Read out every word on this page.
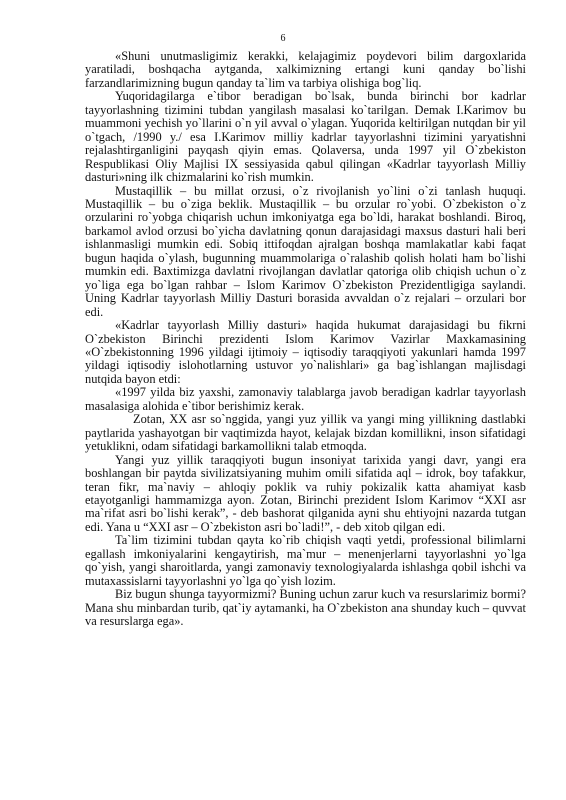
6

«Shuni unutmasligimiz kerakki, kelajagimiz poydevori bilim dargoxlarida yaratiladi, boshqacha aytganda, xalkimizning ertangi kuni qanday bo`lishi farzandlarimizning bugun qanday ta`lim va tarbiya olishiga bog`liq.

Yuqoridagilarga e`tibor beradigan bo`lsak, bunda birinchi bor kadrlar tayyorlashning tizimini tubdan yangilash masalasi ko`tarilgan. Demak I.Karimov bu muammoni yechish yo`llarini o`n yil avval o`ylagan. Yuqorida keltirilgan nutqdan bir yil o`tgach, /1990 y./ esa I.Karimov milliy kadrlar tayyorlashni tizimini yaryatishni rejalashtirganligini payqash qiyin emas. Qolaversa, unda 1997 yil O`zbekiston Respublikasi Oliy Majlisi IX sessiyasida qabul qilingan «Kadrlar tayyorlash Milliy dasturi»ning ilk chizmalarini ko`rish mumkin.

Mustaqillik – bu millat orzusi, o`z rivojlanish yo`lini o`zi tanlash huquqi. Mustaqillik – bu o`ziga beklik. Mustaqillik – bu orzular ro`yobi. O`zbekiston o`z orzularini ro`yobga chiqarish uchun imkoniyatga ega bo`ldi, harakat boshlandi. Biroq, barkamol avlod orzusi bo`yicha davlatning qonun darajasidagi maxsus dasturi hali beri ishlanmasligi mumkin edi. Sobiq ittifoqdan ajralgan boshqa mamlakatlar kabi faqat bugun haqida o`ylash, bugunning muammolariga o`ralashib qolish holati ham bo`lishi mumkin edi. Baxtimizga davlatni rivojlangan davlatlar qatoriga olib chiqish uchun o`z yo`liga ega bo`lgan rahbar – Islom Karimov O`zbekiston Prezidentligiga saylandi. Uning Kadrlar tayyorlash Milliy Dasturi borasida avvaldan o`z rejalari – orzulari bor edi.

«Kadrlar tayyorlash Milliy dasturi» haqida hukumat darajasidagi bu fikrni O`zbekiston Birinchi prezidenti Islom Karimov Vazirlar Maxkamasining «O`zbekistonning 1996 yildagi ijtimoiy – iqtisodiy taraqqiyoti yakunlari hamda 1997 yildagi iqtisodiy islohotlarning ustuvor yo`nalishlari» ga bag`ishlangan majlisdagi nutqida bayon etdi:

«1997 yilda biz yaxshi, zamonaviy talablarga javob beradigan kadrlar tayyorlash masalasiga alohida e`tibor berishimiz kerak.

Zotan, XX asr so`nggida, yangi yuz yillik va yangi ming yillikning dastlabki paytlarida yashayotgan bir vaqtimizda hayot, kelajak bizdan komillikni, inson sifatidagi yetuklikni, odam sifatidagi barkamollikni talab etmoqda.

Yangi yuz yillik taraqqiyoti bugun insoniyat tarixida yangi davr, yangi era boshlangan bir paytda sivilizatsiyaning muhim omili sifatida aql – idrok, boy tafakkur, teran fikr, ma`naviy – ahloqiy poklik va ruhiy pokizalik katta ahamiyat kasb etayotganligi hammamizga ayon. Zotan, Birinchi prezident Islom Karimov “XXI asr ma`rifat asri bo`lishi kerak”, - deb bashorat qilganida ayni shu ehtiyojni nazarda tutgan edi. Yana u “XXI asr – O`zbekiston asri bo`ladi!”, - deb xitob qilgan edi.

Ta`lim tizimini tubdan qayta ko`rib chiqish vaqti yetdi, professional bilimlarni egallash imkoniyalarini kengaytirish, ma`mur – menenjerlarni tayyorlashni yo`lga qo`yish, yangi sharoitlarda, yangi zamonaviy texnologiyalarda ishlashga qobil ishchi va mutaxassislarni tayyorlashni yo`lga qo`yish lozim.

Biz bugun shunga tayyormizmi? Buning uchun zarur kuch va resurslarimiz bormi? Mana shu minbardan turib, qat`iy aytamanki, ha O`zbekiston ana shunday kuch – quvvat va resurslarga ega».
